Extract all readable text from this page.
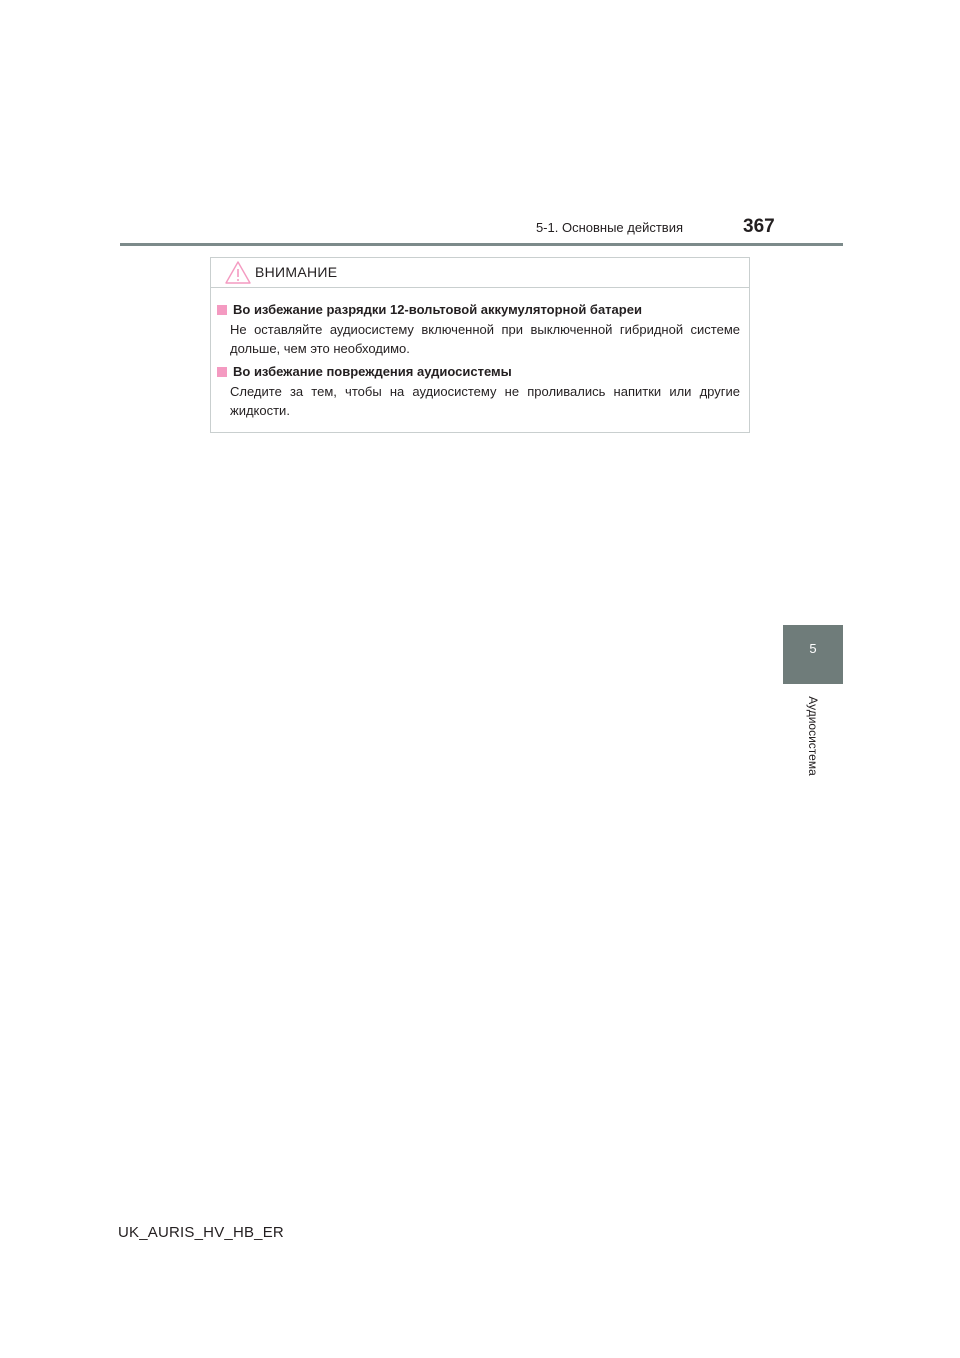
5-1. Основные действия	367
ВНИМАНИЕ
Во избежание разрядки 12-вольтовой аккумуляторной батареи
Не оставляйте аудиосистему включенной при выключенной гибридной системе
дольше, чем это необходимо.
Во избежание повреждения аудиосистемы
Следите за тем, чтобы на аудиосистему не проливались напитки или другие
жидкости.
5
Аудиосистема
UK_AURIS_HV_HB_ER
